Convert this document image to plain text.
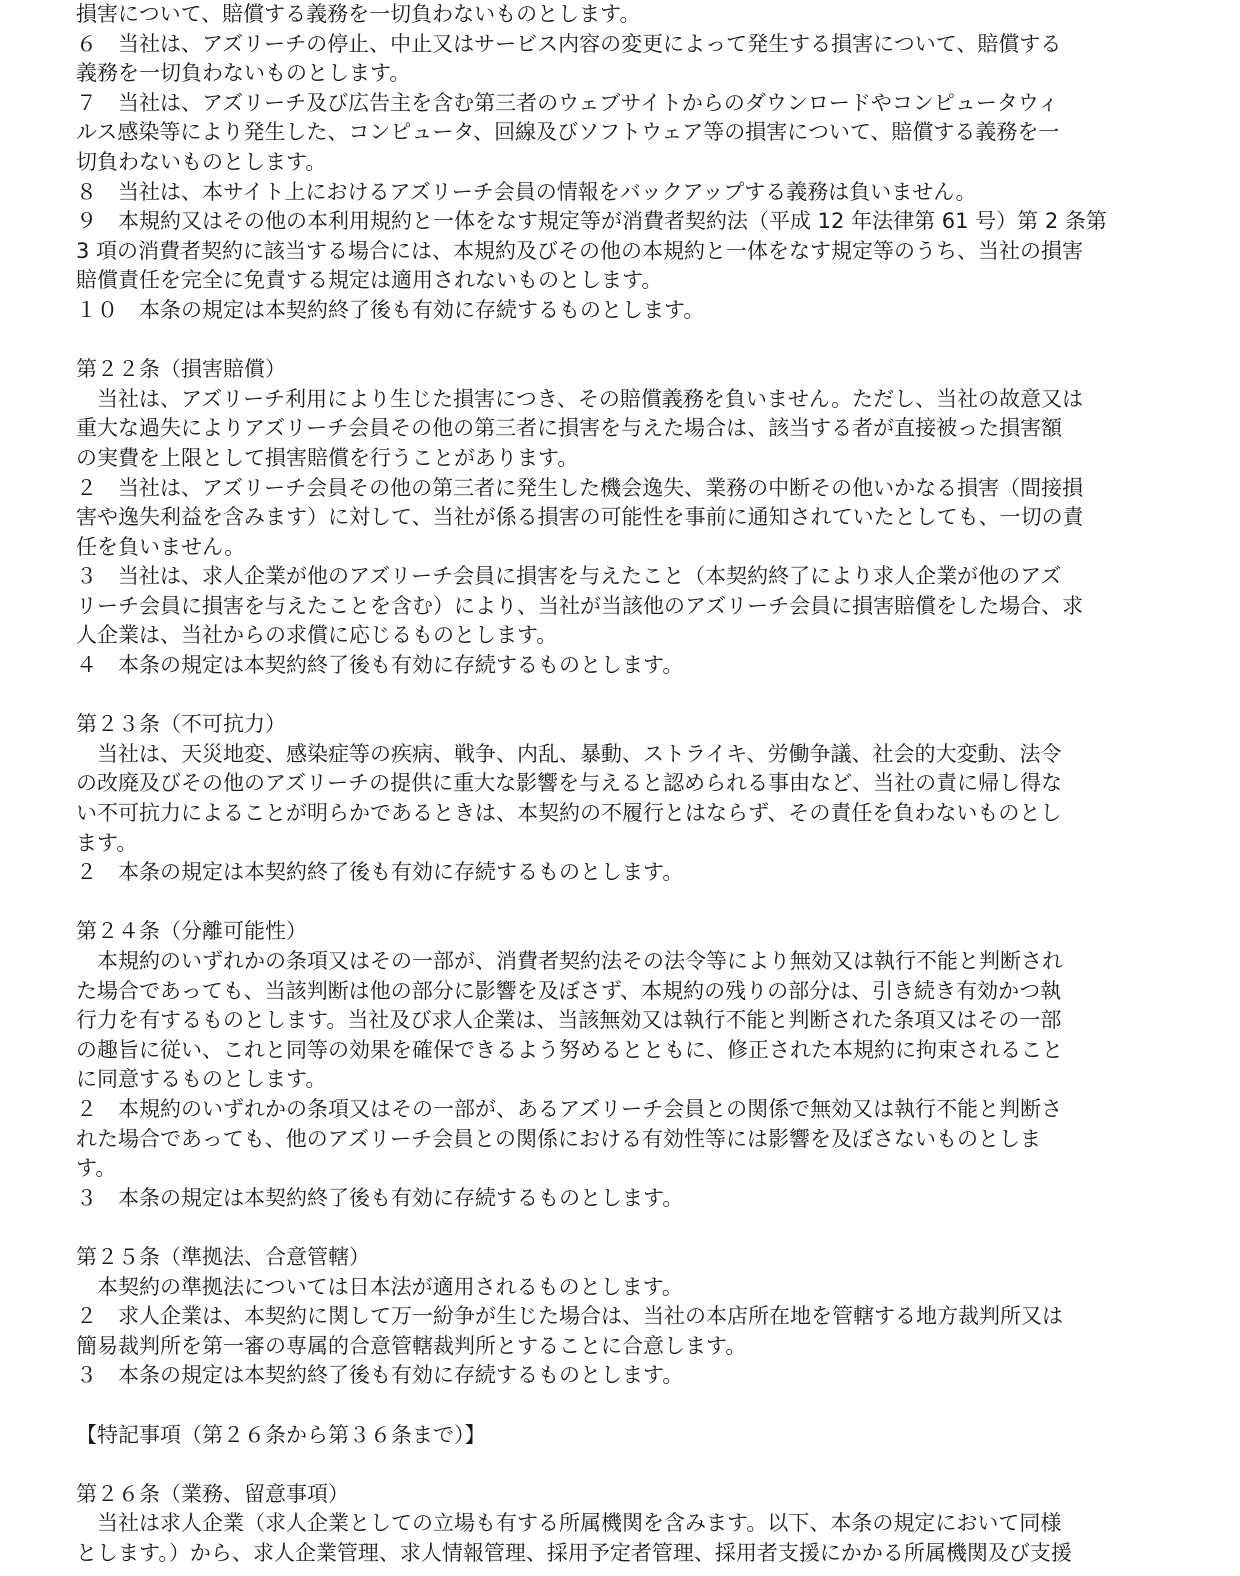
損害について、賠償する義務を一切負わないものとします。
６　当社は、アズリーチの停止、中止又はサービス内容の変更によって発生する損害について、賠償する
義務を一切負わないものとします。
７　当社は、アズリーチ及び広告主を含む第三者のウェブサイトからのダウンロードやコンピュータウィ
ルス感染等により発生した、コンピュータ、回線及びソフトウェア等の損害について、賠償する義務を一
切負わないものとします。
８　当社は、本サイト上におけるアズリーチ会員の情報をバックアップする義務は負いません。
９　本規約又はその他の本利用規約と一体をなす規定等が消費者契約法（平成 12 年法律第 61 号）第 2 条第
3 項の消費者契約に該当する場合には、本規約及びその他の本規約と一体をなす規定等のうち、当社の損害
賠償責任を完全に免責する規定は適用されないものとします。
１０　本条の規定は本契約終了後も有効に存続するものとします。
第２２条（損害賠償）
　当社は、アズリーチ利用により生じた損害につき、その賠償義務を負いません。ただし、当社の故意又は
重大な過失によりアズリーチ会員その他の第三者に損害を与えた場合は、該当する者が直接被った損害額
の実費を上限として損害賠償を行うことがあります。
２　当社は、アズリーチ会員その他の第三者に発生した機会逸失、業務の中断その他いかなる損害（間接損
害や逸失利益を含みます）に対して、当社が係る損害の可能性を事前に通知されていたとしても、一切の責
任を負いません。
３　当社は、求人企業が他のアズリーチ会員に損害を与えたこと（本契約終了により求人企業が他のアズ
リーチ会員に損害を与えたことを含む）により、当社が当該他のアズリーチ会員に損害賠償をした場合、求
人企業は、当社からの求償に応じるものとします。
４　本条の規定は本契約終了後も有効に存続するものとします。
第２３条（不可抗力）
　当社は、天災地変、感染症等の疾病、戦争、内乱、暴動、ストライキ、労働争議、社会的大変動、法令
の改廃及びその他のアズリーチの提供に重大な影響を与えると認められる事由など、当社の責に帰し得な
い不可抗力によることが明らかであるときは、本契約の不履行とはならず、その責任を負わないものとし
ます。
２　本条の規定は本契約終了後も有効に存続するものとします。
第２４条（分離可能性）
　本規約のいずれかの条項又はその一部が、消費者契約法その法令等により無効又は執行不能と判断され
た場合であっても、当該判断は他の部分に影響を及ぼさず、本規約の残りの部分は、引き続き有効かつ執
行力を有するものとします。当社及び求人企業は、当該無効又は執行不能と判断された条項又はその一部
の趣旨に従い、これと同等の効果を確保できるよう努めるとともに、修正された本規約に拘束されること
に同意するものとします。
２　本規約のいずれかの条項又はその一部が、あるアズリーチ会員との関係で無効又は執行不能と判断さ
れた場合であっても、他のアズリーチ会員との関係における有効性等には影響を及ぼさないものとしま
す。
３　本条の規定は本契約終了後も有効に存続するものとします。
第２５条（準拠法、合意管轄）
　本契約の準拠法については日本法が適用されるものとします。
２　求人企業は、本契約に関して万一紛争が生じた場合は、当社の本店所在地を管轄する地方裁判所又は
簡易裁判所を第一審の専属的合意管轄裁判所とすることに合意します。
３　本条の規定は本契約終了後も有効に存続するものとします。
【特記事項（第２６条から第３６条まで）】
第２６条（業務、留意事項）
　当社は求人企業（求人企業としての立場も有する所属機関を含みます。以下、本条の規定において同様
とします。）から、求人企業管理、求人情報管理、採用予定者管理、採用者支援にかかる所属機関及び支援
